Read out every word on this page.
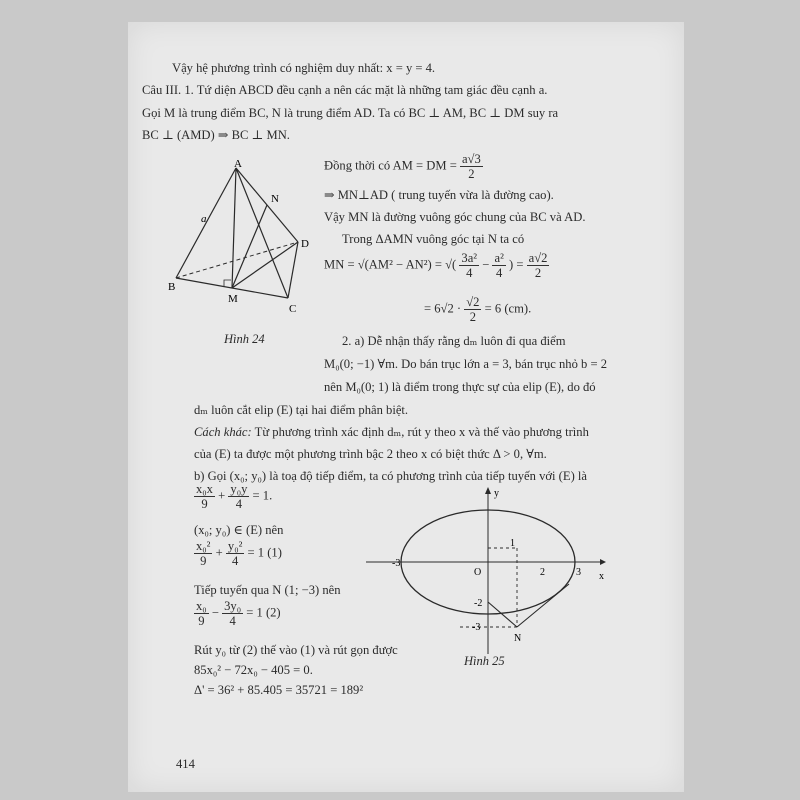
Vậy hệ phương trình có nghiệm duy nhất: x = y = 4.
Câu III. 1. Tứ diện ABCD đều cạnh a nên các mặt là những tam giác đều cạnh a.
Gọi M là trung điểm BC, N là trung điểm AD. Ta có BC ⊥ AM, BC ⊥ DM suy ra
BC ⊥ (AMD) ⇒ BC ⊥ MN.
A
B
C
D
M
N
a
Hình 24
Đồng thời có AM = DM = $\frac{a√3}{2}$
⇒ MN⊥AD ( trung tuyến vừa là đường cao).
Vậy MN là đường vuông góc chung của BC và AD.
Trong ΔAMN vuông góc tại N ta có
MN = √(AM² − AN²) = √( $\frac{\text{3a²}}{4} - \frac{\text{a²}}{4}$ ) = $\frac{a√2}{2}$
= $6√2 \cdot \frac{√2}{2} = 6$ (cm).
2. a) Dễ nhận thấy rằng dₘ luôn đi qua điểm
M₀(0; −1) ∀m. Do bán trục lớn a = 3, bán trục nhỏ b = 2
nên M₀(0; 1) là điểm trong thực sự của elip (E), do đó
dₘ luôn cắt elip (E) tại hai điểm phân biệt.
Cách khác: Từ phương trình xác định dₘ, rút y theo x và thế vào phương trình
của (E) ta được một phương trình bậc 2 theo x có biệt thức Δ > 0, ∀m.
b) Gọi (x₀; y₀) là toạ độ tiếp điểm, ta có phương trình của tiếp tuyến với (E) là
$\frac{\text{x₀x}}{9} + \frac{\text{y₀y}}{4} = 1$.
(x₀; y₀) ∈ (E) nên
$\frac{\text{x₀²}}{9} + \frac{\text{y₀²}}{4} = 1$ (1)
Tiếp tuyến qua N (1; −3) nên
$\frac{\text{x₀}}{9} - \frac{\text{3y₀}}{4} = 1$ (2)
Rút y₀ từ (2) thế vào (1) và rút gọn được
85x₀² − 72x₀ − 405 = 0.
Δ' = 36² + 85.405 = 35721 = 189²
y
x
O
1
2	3
-3
-2
-3
N
Hình 25
414
